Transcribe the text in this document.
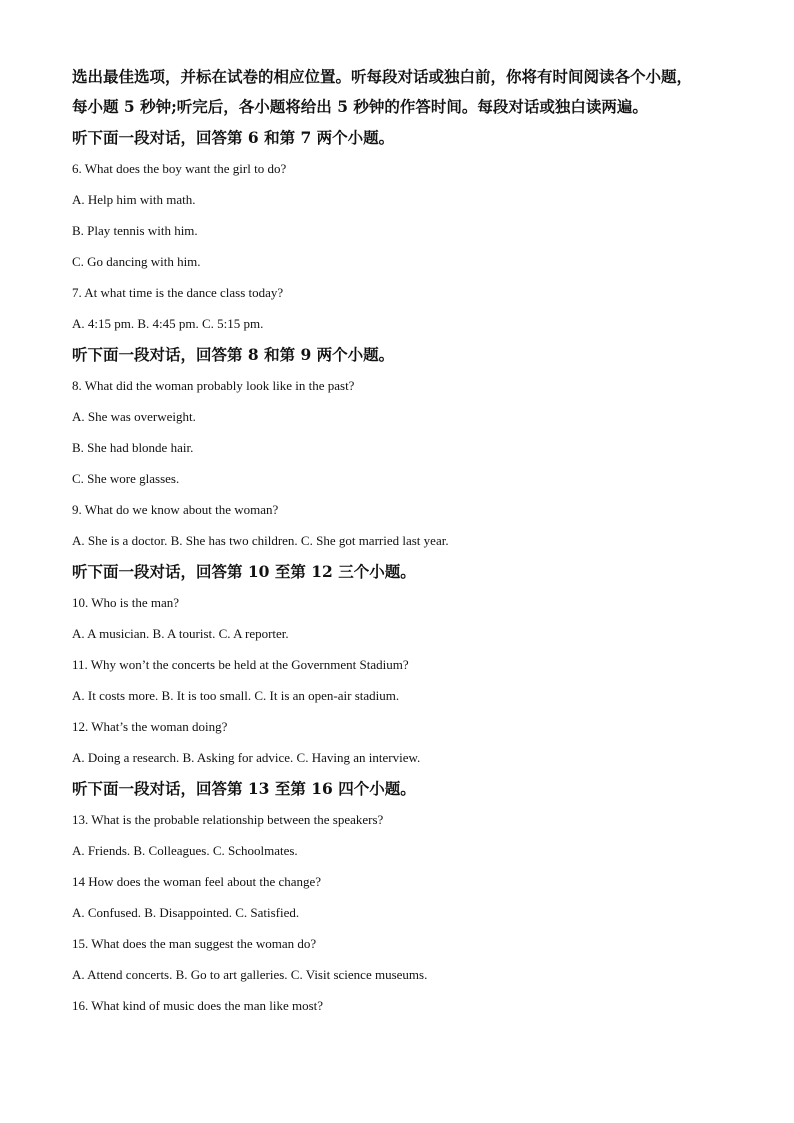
选出最佳选项，并标在试卷的相应位置。听每段对话或独白前，你将有时间阅读各个小题，

每小题 5 秒钟;听完后，各小题将给出 5 秒钟的作答时间。每段对话或独白读两遍。

听下面一段对话，回答第 6 和第 7 两个小题。

6. What does the boy want the girl to do?

A. Help him with math.

B. Play tennis with him.

C. Go dancing with him.

7. At what time is the dance class today?

A. 4:15 pm. B. 4:45 pm. C. 5:15 pm.

听下面一段对话，回答第 8 和第 9 两个小题。

8. What did the woman probably look like in the past?

A. She was overweight.

B. She had blonde hair.

C. She wore glasses.

9. What do we know about the woman?

A. She is a doctor. B. She has two children. C. She got married last year.

听下面一段对话，回答第 10 至第 12 三个小题。

10. Who is the man?

A. A musician. B. A tourist. C. A reporter.

11. Why won’t the concerts be held at the Government Stadium?

A. It costs more. B. It is too small. C. It is an open-air stadium.

12. What’s the woman doing?

A. Doing a research. B. Asking for advice. C. Having an interview.

听下面一段对话，回答第 13 至第 16 四个小题。

13. What is the probable relationship between the speakers?

A. Friends. B. Colleagues. C. Schoolmates.

14 How does the woman feel about the change?

A. Confused. B. Disappointed. C. Satisfied.

15. What does the man suggest the woman do?

A. Attend concerts. B. Go to art galleries. C. Visit science museums.

16. What kind of music does the man like most?
